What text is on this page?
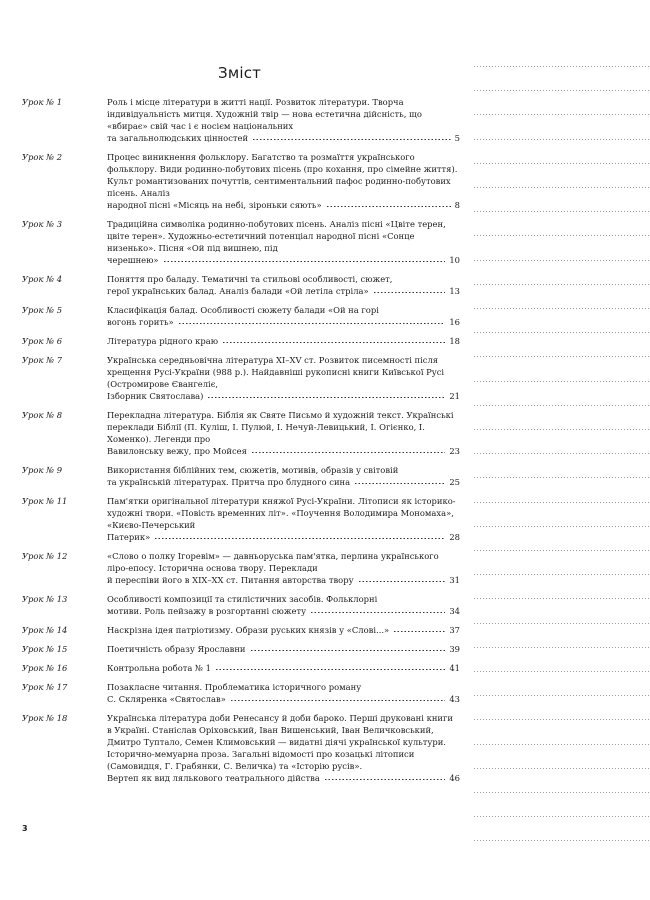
Зміст
Урок № 1	Роль і місце літератури в житті нації. Розвиток літератури. Творча індивідуальність митця. Художній твір — нова естетична дійсність, що «вбирає» свій час і є носієм національних
та загальнолюдських цінностей	5
Урок № 2	Процес виникнення фольклору. Багатство та розмаїття українського фольклору. Види родинно-побутових пісень (про кохання, про сімейне життя). Культ романтизованих почуттів, сентиментальний пафос родинно-побутових пісень. Аналіз
народної пісні «Місяць на небі, зіроньки сяють»	8
Урок № 3	Традиційна символіка родинно-побутових пісень. Аналіз пісні «Цвіте терен, цвіте терен». Художньо-естетичний потенціал народної пісні «Сонце низенько». Пісня «Ой під вишнею, під
черешнею»	10
Урок № 4	Поняття про баладу. Тематичні та стильові особливості, сюжет,
герої українських балад. Аналіз балади «Ой летіла стріла»	13
Урок № 5	Класифікація балад. Особливості сюжету балади «Ой на горі
вогонь горить»	16
Урок № 6	Література рідного краю	18
Урок № 7	Українська середньовічна література XI–XV ст. Розвиток писемності після хрещення Русі-України (988 р.). Найдавніші рукописні книги Київської Русі (Остромирове Євангеліє,
Ізборник Святослава)	21
Урок № 8	Перекладна література. Біблія як Святе Письмо й художній текст. Українські переклади Біблії (П. Куліш, І. Пулюй, І. Нечуй-Левицький, І. Огієнко, І. Хоменко). Легенди про
Вавилонську вежу, про Мойсея	23
Урок № 9	Використання біблійних тем, сюжетів, мотивів, образів у світовій
та українській літературах. Притча про блудного сина	25
Урок № 11	Пам'ятки оригінальної літератури княжої Русі-України. Літописи як історико-художні твори. «Повість временних літ». «Поучення Володимира Мономаха», «Києво-Печерський
Патерик»	28
Урок № 12	«Слово о полку Ігоревім» — давньоруська пам'ятка, перлина українського ліро-епосу. Історична основа твору. Переклади
й переспіви його в XIX–XX ст. Питання авторства твору	31
Урок № 13	Особливості композиції та стилістичних засобів. Фольклорні
мотиви. Роль пейзажу в розгортанні сюжету	34
Урок № 14	Наскрізна ідея патріотизму. Образи руських князів у «Слові...»	37
Урок № 15	Поетичність образу Ярославни	39
Урок № 16	Контрольна робота № 1	41
Урок № 17	Позакласне читання. Проблематика історичного роману
С. Скляренка «Святослав»	43
Урок № 18	Українська література доби Ренесансу й доби бароко. Перші друковані книги в Україні. Станіслав Оріховський, Іван Вишенський, Іван Величковський, Дмитро Туптало, Семен Климовський — видатні діячі української культури. Історично-мемуарна проза. Загальні відомості про козацькі літописи (Самовидця, Г. Грабянки, С. Величка) та «Історію русів».
Вертеп як вид лялькового театрального дійства	46
3
